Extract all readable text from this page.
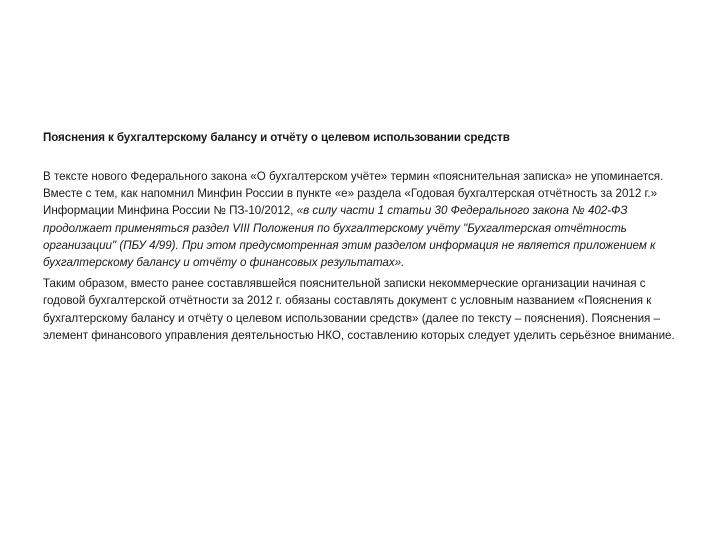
Пояснения к бухгалтерскому балансу и отчёту о целевом использовании средств

В тексте нового Федерального закона «О бухгалтерском учёте» термин «пояснительная записка» не упоминается. Вместе с тем, как напомнил Минфин России в пункте «е» раздела «Годовая бухгалтерская отчётность за 2012 г.» Информации Минфина России № ПЗ-10/2012, «в силу части 1 статьи 30 Федерального закона № 402-ФЗ продолжает применяться раздел VIII Положения по бухгалтерскому учёту "Бухгалтерская отчётность организации" (ПБУ 4/99). При этом предусмотренная этим разделом информация не является приложением к бухгалтерскому балансу и отчёту о финансовых результатах».

Таким образом, вместо ранее составлявшейся пояснительной записки некоммерческие организации начиная с годовой бухгалтерской отчётности за 2012 г. обязаны составлять документ с условным названием «Пояснения к бухгалтерскому балансу и отчёту о целевом использовании средств» (далее по тексту – пояснения). Пояснения – элемент финансового управления деятельностью НКО, составлению которых следует уделить серьёзное внимание.
